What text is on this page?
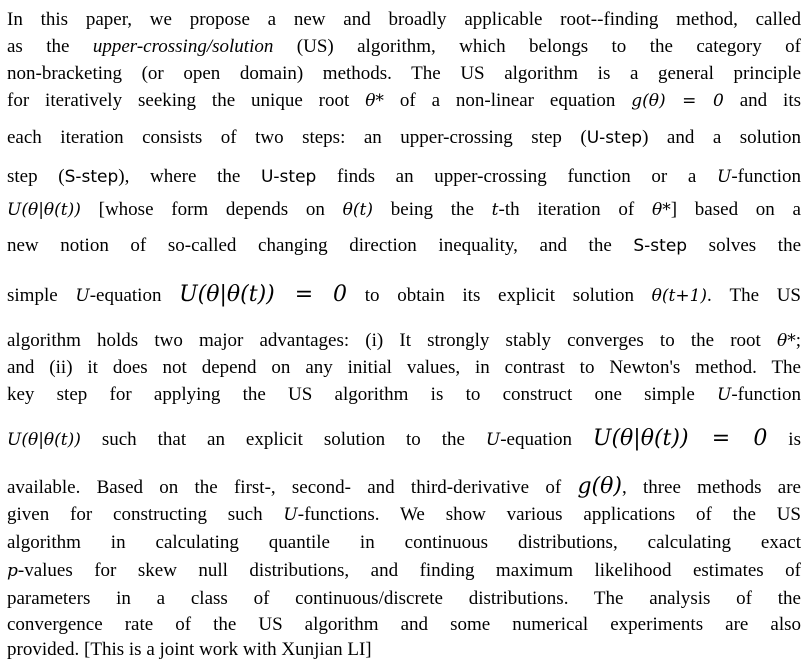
In this paper, we propose a new and broadly applicable root--finding method, called
as the upper-crossing/solution (US) algorithm, which belongs to the category of
non-bracketing (or open domain) methods. The US algorithm is a general principle
for iteratively seeking the unique root θ* of a non-linear equation g(θ) = 0 and its
each iteration consists of two steps: an upper-crossing step (U-step) and a solution
step (S-step), where the U-step finds an upper-crossing function or a U-function
U(θ|θ(t)) [whose form depends on θ(t) being the t-th iteration of θ*] based on a
new notion of so-called changing direction inequality, and the S-step solves the
simple U-equation U(θ|θ(t)) = 0 to obtain its explicit solution θ(t+1). The US
algorithm holds two major advantages: (i) It strongly stably converges to the root θ*;
and (ii) it does not depend on any initial values, in contrast to Newton's method. The
key step for applying the US algorithm is to construct one simple U-function
U(θ|θ(t)) such that an explicit solution to the U-equation U(θ|θ(t)) = 0 is
available. Based on the first-, second- and third-derivative of g(θ), three methods are
given for constructing such U-functions. We show various applications of the US
algorithm in calculating quantile in continuous distributions, calculating exact
p-values for skew null distributions, and finding maximum likelihood estimates of
parameters in a class of continuous/discrete distributions. The analysis of the
convergence rate of the US algorithm and some numerical experiments are also
provided. [This is a joint work with Xunjian LI]
